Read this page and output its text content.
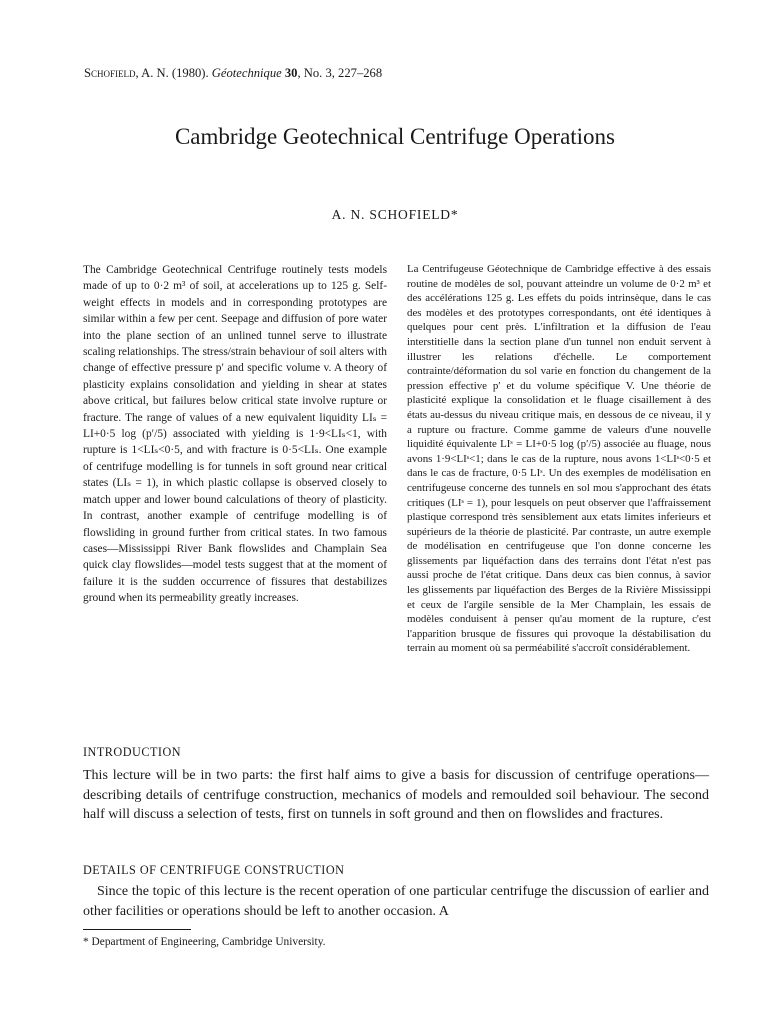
Schofield, A. N. (1980). Géotechnique 30, No. 3, 227–268
Cambridge Geotechnical Centrifuge Operations
A. N. SCHOFIELD*
The Cambridge Geotechnical Centrifuge routinely tests models made of up to 0·2 m³ of soil, at accelerations up to 125 g. Self-weight effects in models and in corresponding prototypes are similar within a few per cent. Seepage and diffusion of pore water into the plane section of an unlined tunnel serve to illustrate scaling relationships. The stress/strain behaviour of soil alters with change of effective pressure p′ and specific volume v. A theory of plasticity explains consolidation and yielding in shear at states above critical, but failures below critical state involve rupture or fracture. The range of values of a new equivalent liquidity LIₛ = LI+0·5 log (p′/5) associated with yielding is 1·9<LIₛ<1, with rupture is 1<LIₛ<0·5, and with fracture is 0·5<LIₛ. One example of centrifuge modelling is for tunnels in soft ground near critical states (LIₛ = 1), in which plastic collapse is observed closely to match upper and lower bound calculations of theory of plasticity. In contrast, another example of centrifuge modelling is of flowsliding in ground further from critical states. In two famous cases—Mississippi River Bank flowslides and Champlain Sea quick clay flowslides—model tests suggest that at the moment of failure it is the sudden occurrence of fissures that destabilizes ground when its permeability greatly increases.
La Centrifugeuse Géotechnique de Cambridge effective à des essais routine de modèles de sol, pouvant atteindre un volume de 0·2 m³ et des accélérations 125 g. Les effets du poids intrinsèque, dans le cas des modèles et des prototypes correspondants, ont été identiques à quelques pour cent près. L'infiltration et la diffusion de l'eau interstitielle dans la section plane d'un tunnel non enduit servent à illustrer les relations d'échelle. Le comportement contrainte/déformation du sol varie en fonction du changement de la pression effective p′ et du volume spécifique V. Une théorie de plasticité explique la consolidation et le fluage cisaillement à des états au-dessus du niveau critique mais, en dessous de ce niveau, il y a rupture ou fracture. Comme gamme de valeurs d'une nouvelle liquidité équivalente LIˢ = LI+0·5 log (p′/5) associée au fluage, nous avons 1·9<LIˢ<1; dans le cas de la rupture, nous avons 1<LIˢ<0·5 et dans le cas de fracture, 0·5 LIˢ. Un des exemples de modélisation en centrifugeuse concerne des tunnels en sol mou s'approchant des états critiques (LIˢ = 1), pour lesquels on peut observer que l'affraissement plastique correspond très sensiblement aux etats limites inferieurs et supérieurs de la théorie de plasticité. Par contraste, un autre exemple de modélisation en centrifugeuse que l'on donne concerne les glissements par liquéfaction dans des terrains dont l'état n'est pas aussi proche de l'état critique. Dans deux cas bien connus, à savior les glissements par liquéfaction des Berges de la Rivière Mississippi et ceux de l'argile sensible de la Mer Champlain, les essais de modèles conduisent à penser qu'au moment de la rupture, c'est l'apparition brusque de fissures qui provoque la déstabilisation du terrain au moment où sa perméabilité s'accroît considérablement.
INTRODUCTION
This lecture will be in two parts: the first half aims to give a basis for discussion of centrifuge operations—describing details of centrifuge construction, mechanics of models and remoulded soil behaviour. The second half will discuss a selection of tests, first on tunnels in soft ground and then on flowslides and fractures.
DETAILS OF CENTRIFUGE CONSTRUCTION
Since the topic of this lecture is the recent operation of one particular centrifuge the discussion of earlier and other facilities or operations should be left to another occasion. A
* Department of Engineering, Cambridge University.
